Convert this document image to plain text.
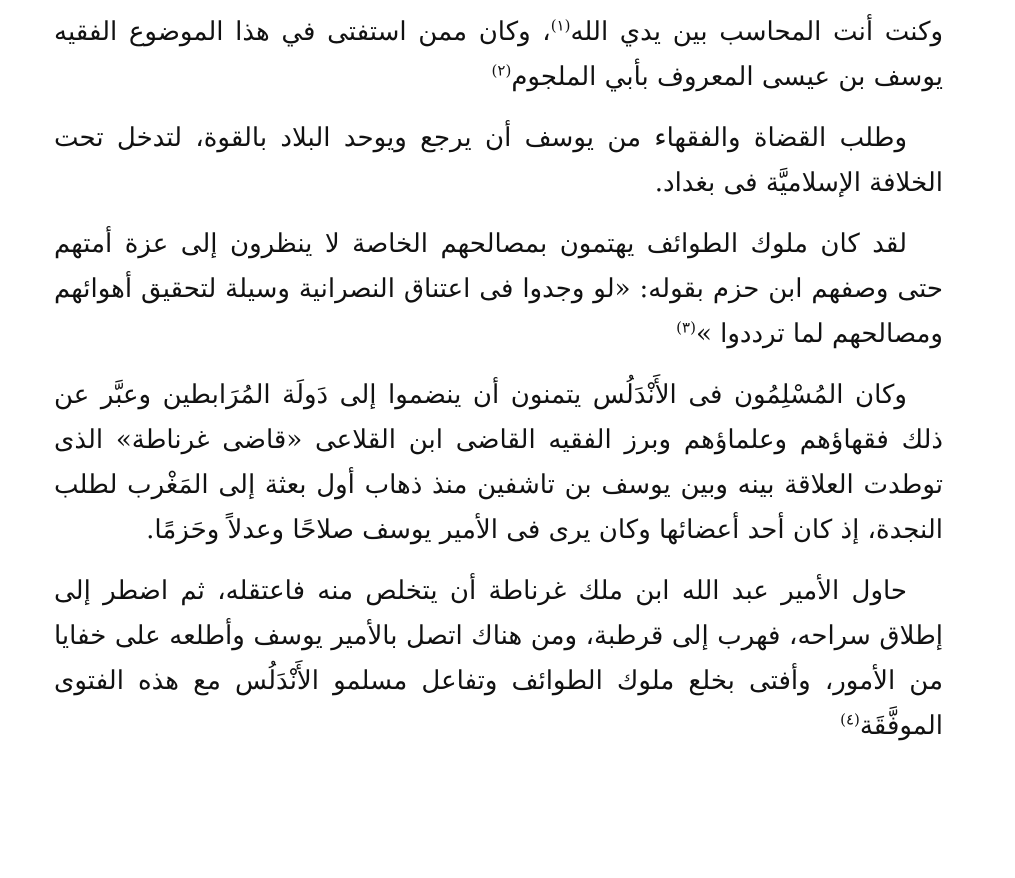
وكنت أنت المحاسب بين يدي الله$^{(١)}$، وكان ممن استفتى في هذا الموضوع الفقيه يوسف بن عيسى المعروف بأبي الملجوم$^{(٢)}$

وطلب القضاة والفقهاء من يوسف أن يرجع ويوحد البلاد بالقوة، لتدخل تحت الخلافة الإسلاميَّة فى بغداد.

لقد كان ملوك الطوائف يهتمون بمصالحهم الخاصة لا ينظرون إلى عزة أمتهم حتى وصفهم ابن حزم بقوله: «لو وجدوا فى اعتناق النصرانية وسيلة لتحقيق أهوائهم ومصالحهم لما ترددوا »$^{(٣)}$

وكان المُسْلِمُون فى الأَنْدَلُس يتمنون أن ينضموا إلى دَولَة المُرَابطين وعبَّر عن ذلك فقهاؤهم وعلماؤهم وبرز الفقيه القاضى ابن القلاعى «قاضى غرناطة» الذى توطدت العلاقة بينه وبين يوسف بن تاشفين منذ ذهاب أول بعثة إلى المَغْرب لطلب النجدة، إذ كان أحد أعضائها وكان يرى فى الأمير يوسف صلاحًا وعدلاً وحَزمًا.

حاول الأمير عبد الله ابن ملك غرناطة أن يتخلص منه فاعتقله، ثم اضطر إلى إطلاق سراحه، فهرب إلى قرطبة، ومن هناك اتصل بالأمير يوسف وأطلعه على خفايا من الأمور، وأفتى بخلع ملوك الطوائف وتفاعل مسلمو الأَنْدَلُس مع هذه الفتوى الموفَّقَة$^{(٤)}$
